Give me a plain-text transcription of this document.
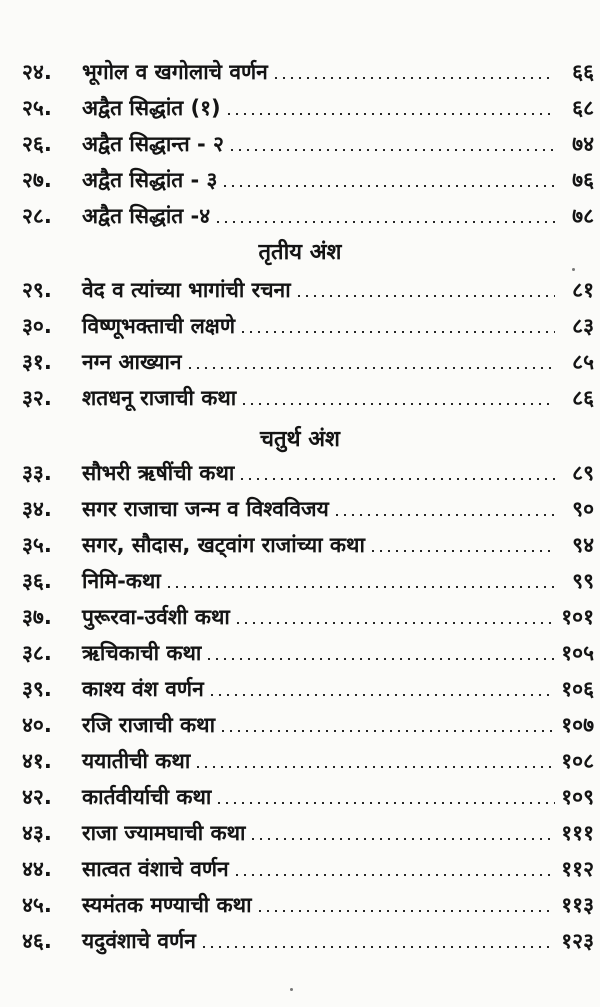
२४.	भूगोल व खगोलाचे वर्णन	६६
२५.	अद्वैत सिद्धांत (१)	६८
२६.	अद्वैत सिद्धान्त - २	७४
२७.	अद्वैत सिद्धांत - ३	७६
२८.	अद्वैत सिद्धांत -४	७८
तृतीय अंश
२९.	वेद व त्यांच्या भागांची रचना	८१
३०.	विष्णूभक्ताची लक्षणे	८३
३१.	नग्न आख्यान	८५
३२.	शतधनू राजाची कथा	८६
चतुर्थ अंश
३३.	सौभरी ऋषींची कथा	८९
३४.	सगर राजाचा जन्म व विश्वविजय	९०
३५.	सगर, सौदास, खट्वांग राजांच्या कथा	९४
३६.	निमि-कथा	९९
३७.	पुरूरवा-उर्वशी कथा	१०१
३८.	ऋचिकाची कथा	१०५
३९.	काश्य वंश वर्णन	१०६
४०.	रजि राजाची कथा	१०७
४१.	ययातीची कथा	१०८
४२.	कार्तवीर्याची कथा	१०९
४३.	राजा ज्यामघाची कथा	१११
४४.	सात्वत वंशाचे वर्णन	११२
४५.	स्यमंतक मण्याची कथा	११३
४६.	यदुवंशाचे वर्णन	१२३
